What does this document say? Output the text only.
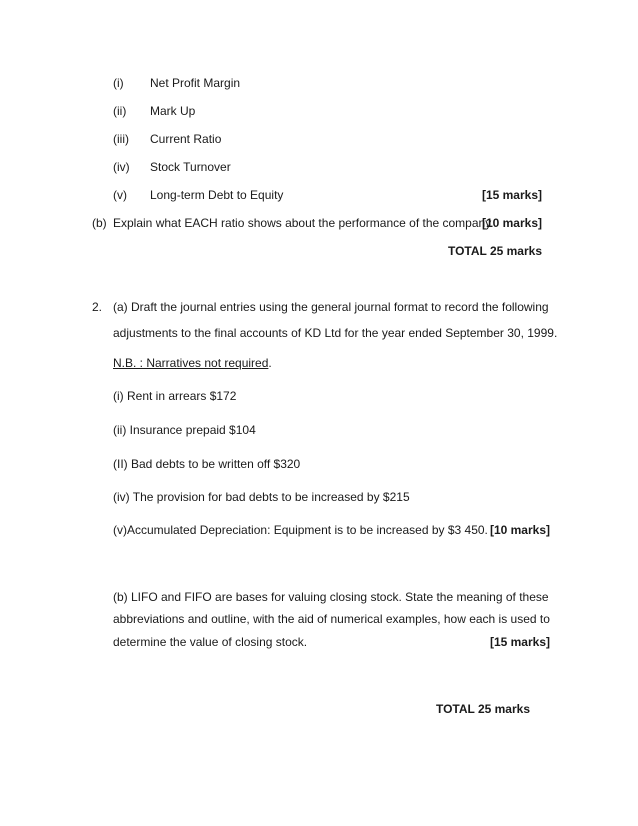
(i) Net Profit Margin
(ii) Mark Up
(iii) Current Ratio
(iv) Stock Turnover
(v) Long-term Debt to Equity	[15 marks]
(b) Explain what EACH ratio shows about the performance of the company.
[10 marks]
TOTAL 25 marks
2. (a) Draft the journal entries using the general journal format to record the following
adjustments to the final accounts of KD Ltd for the year ended September 30, 1999.
N.B. : Narratives not required.
(i) Rent in arrears $172
(ii) Insurance prepaid $104
(II) Bad debts to be written off $320
(iv) The provision for bad debts to be increased by $215
(v)Accumulated Depreciation: Equipment is to be increased by $3 450. [10 marks]
(b) LIFO and FIFO are bases for valuing closing stock. State the meaning of these
abbreviations and outline, with the aid of numerical examples, how each is used to
determine the value of closing stock.	[15 marks]
TOTAL 25 marks
